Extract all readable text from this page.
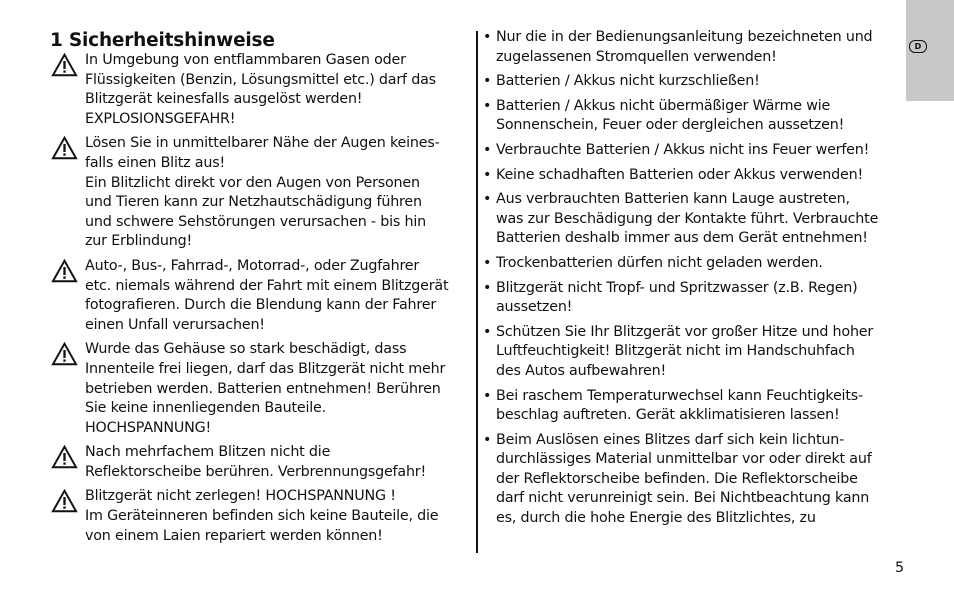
D
1 Sicherheitshinweise
In Umgebung von entflammbaren Gasen oder
Flüssigkeiten (Benzin, Lösungsmittel etc.) darf das
Blitzgerät keinesfalls ausgelöst werden!
EXPLOSIONSGEFAHR!
Lösen Sie in unmittelbarer Nähe der Augen keines-
falls einen Blitz aus!
Ein Blitzlicht direkt vor den Augen von Personen
und Tieren kann zur Netzhautschädigung führen
und schwere Sehstörungen verursachen - bis hin
zur Erblindung!
Auto-, Bus-, Fahrrad-, Motorrad-, oder Zugfahrer
etc. niemals während der Fahrt mit einem Blitzgerät
fotografieren. Durch die Blendung kann der Fahrer
einen Unfall verursachen!
Wurde das Gehäuse so stark beschädigt, dass
Innenteile frei liegen, darf das Blitzgerät nicht mehr
betrieben werden. Batterien entnehmen! Berühren
Sie keine innenliegenden Bauteile.
HOCHSPANNUNG!
Nach mehrfachem Blitzen nicht die
Reflektorscheibe berühren. Verbrennungsgefahr!
Blitzgerät nicht zerlegen! HOCHSPANNUNG !
Im Geräteinneren befinden sich keine Bauteile, die
von einem Laien repariert werden können!
• Nur die in der Bedienungsanleitung bezeichneten und
zugelassenen Stromquellen verwenden!
• Batterien / Akkus nicht kurzschließen!
• Batterien / Akkus nicht übermäßiger Wärme wie
Sonnenschein, Feuer oder dergleichen aussetzen!
• Verbrauchte Batterien / Akkus nicht ins Feuer werfen!
• Keine schadhaften Batterien oder Akkus verwenden!
• Aus verbrauchten Batterien kann Lauge austreten,
was zur Beschädigung der Kontakte führt. Verbrauchte
Batterien deshalb immer aus dem Gerät entnehmen!
• Trockenbatterien dürfen nicht geladen werden.
• Blitzgerät nicht Tropf- und Spritzwasser (z.B. Regen)
aussetzen!
• Schützen Sie Ihr Blitzgerät vor großer Hitze und hoher
Luftfeuchtigkeit! Blitzgerät nicht im Handschuhfach
des Autos aufbewahren!
• Bei raschem Temperaturwechsel kann Feuchtigkeits-
beschlag auftreten. Gerät akklimatisieren lassen!
• Beim Auslösen eines Blitzes darf sich kein lichtun-
durchlässiges Material unmittelbar vor oder direkt auf
der Reflektorscheibe befinden. Die Reflektorscheibe
darf nicht verunreinigt sein. Bei Nichtbeachtung kann
es, durch die hohe Energie des Blitzlichtes, zu
5
